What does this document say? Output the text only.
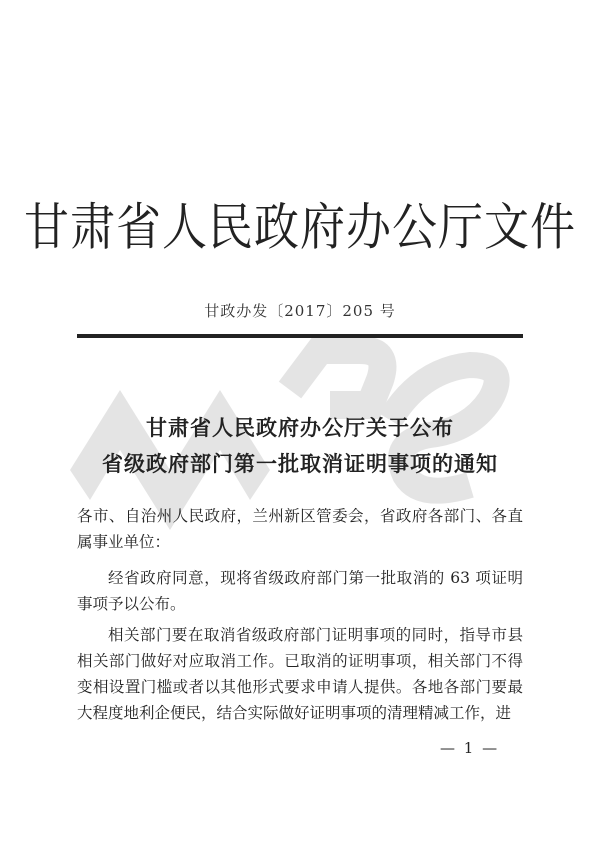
甘肃省人民政府办公厅文件
甘政办发〔2017〕205 号
甘肃省人民政府办公厅关于公布
省级政府部门第一批取消证明事项的通知

各市、自治州人民政府，兰州新区管委会，省政府各部门、各直属事业单位：

经省政府同意，现将省级政府部门第一批取消的 63 项证明事项予以公布。

相关部门要在取消省级政府部门证明事项的同时，指导市县相关部门做好对应取消工作。已取消的证明事项，相关部门不得变相设置门槛或者以其他形式要求申请人提供。各地各部门要最大程度地利企便民，结合实际做好证明事项的清理精减工作，进

— 1 —
